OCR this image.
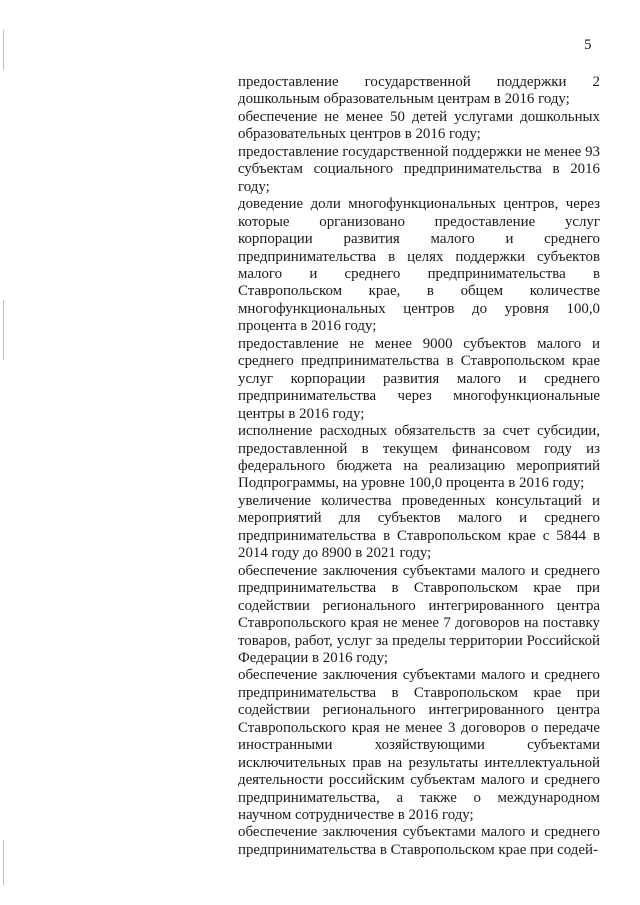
5

предоставление государственной поддержки 2 дошкольным образовательным центрам в 2016 году;

обеспечение не менее 50 детей услугами дошкольных образовательных центров в 2016 году;

предоставление государственной поддержки не менее 93 субъектам социального предпринимательства в 2016 году;

доведение доли многофункциональных центров, через которые организовано предоставление услуг корпорации развития малого и среднего предпринимательства в целях поддержки субъектов малого и среднего предпринимательства в Ставропольском крае, в общем количестве многофункциональных центров до уровня 100,0 процента в 2016 году;

предоставление не менее 9000 субъектов малого и среднего предпринимательства в Ставропольском крае услуг корпорации развития малого и среднего предпринимательства через многофункциональные центры в 2016 году;

исполнение расходных обязательств за счет субсидии, предоставленной в текущем финансовом году из федерального бюджета на реализацию мероприятий Подпрограммы, на уровне 100,0 процента в 2016 году;

увеличение количества проведенных консультаций и мероприятий для субъектов малого и среднего предпринимательства в Ставропольском крае с 5844 в 2014 году до 8900 в 2021 году;

обеспечение заключения субъектами малого и среднего предпринимательства в Ставропольском крае при содействии регионального интегрированного центра Ставропольского края не менее 7 договоров на поставку товаров, работ, услуг за пределы территории Российской Федерации в 2016 году;

обеспечение заключения субъектами малого и среднего предпринимательства в Ставропольском крае при содействии регионального интегрированного центра Ставропольского края не менее 3 договоров о передаче иностранными хозяйствующими субъектами исключительных прав на результаты интеллектуальной деятельности российским субъектам малого и среднего предпринимательства, а также о международном научном сотрудничестве в 2016 году;

обеспечение заключения субъектами малого и среднего предпринимательства в Ставропольском крае при содей-
